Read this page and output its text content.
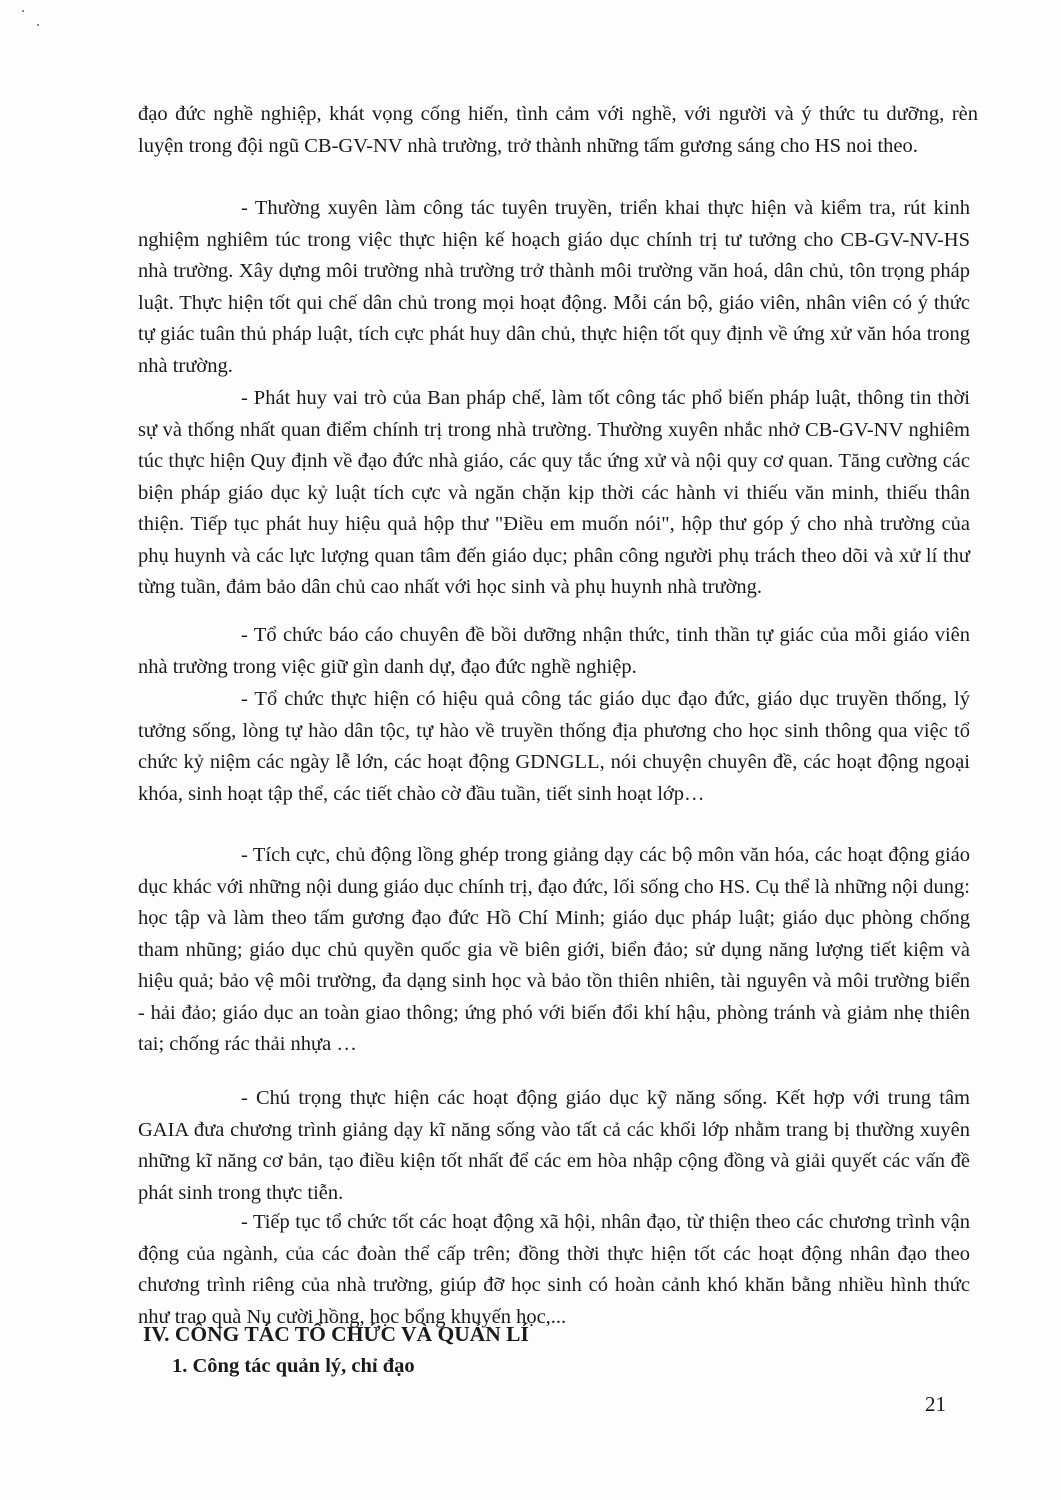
đạo đức nghề nghiệp, khát vọng cống hiến, tình cảm với nghề, với người và ý thức tu dưỡng, rèn luyện trong đội ngũ CB-GV-NV nhà trường, trở thành những tấm gương sáng cho HS noi theo.

- Thường xuyên làm công tác tuyên truyền, triển khai thực hiện và kiểm tra, rút kinh nghiệm nghiêm túc trong việc thực hiện kế hoạch giáo dục chính trị tư tưởng cho CB-GV-NV-HS nhà trường. Xây dựng môi trường nhà trường trở thành môi trường văn hoá, dân chủ, tôn trọng pháp luật. Thực hiện tốt qui chế dân chủ trong mọi hoạt động. Mỗi cán bộ, giáo viên, nhân viên có ý thức tự giác tuân thủ pháp luật, tích cực phát huy dân chủ, thực hiện tốt quy định về ứng xử văn hóa trong nhà trường.

- Phát huy vai trò của Ban pháp chế, làm tốt công tác phổ biến pháp luật, thông tin thời sự và thống nhất quan điểm chính trị trong nhà trường. Thường xuyên nhắc nhở CB-GV-NV nghiêm túc thực hiện Quy định về đạo đức nhà giáo, các quy tắc ứng xử và nội quy cơ quan. Tăng cường các biện pháp giáo dục kỷ luật tích cực và ngăn chặn kịp thời các hành vi thiếu văn minh, thiếu thân thiện. Tiếp tục phát huy hiệu quả hộp thư "Điều em muốn nói", hộp thư góp ý cho nhà trường của phụ huynh và các lực lượng quan tâm đến giáo dục; phân công người phụ trách theo dõi và xử lí thư từng tuần, đảm bảo dân chủ cao nhất với học sinh và phụ huynh nhà trường.

- Tổ chức báo cáo chuyên đề bồi dưỡng nhận thức, tinh thần tự giác của mỗi giáo viên nhà trường trong việc giữ gìn danh dự, đạo đức nghề nghiệp.

- Tổ chức thực hiện có hiệu quả công tác giáo dục đạo đức, giáo dục truyền thống, lý tưởng sống, lòng tự hào dân tộc, tự hào về truyền thống địa phương cho học sinh thông qua việc tổ chức kỷ niệm các ngày lễ lớn, các hoạt động GDNGLL, nói chuyện chuyên đề, các hoạt động ngoại khóa, sinh hoạt tập thể, các tiết chào cờ đầu tuần, tiết sinh hoạt lớp…

- Tích cực, chủ động lồng ghép trong giảng dạy các bộ môn văn hóa, các hoạt động giáo dục khác với những nội dung giáo dục chính trị, đạo đức, lối sống cho HS. Cụ thể là những nội dung: học tập và làm theo tấm gương đạo đức Hồ Chí Minh; giáo dục pháp luật; giáo dục phòng chống tham nhũng; giáo dục chủ quyền quốc gia về biên giới, biển đảo; sử dụng năng lượng tiết kiệm và hiệu quả; bảo vệ môi trường, đa dạng sinh học và bảo tồn thiên nhiên, tài nguyên và môi trường biển - hải đảo; giáo dục an toàn giao thông; ứng phó với biến đổi khí hậu, phòng tránh và giảm nhẹ thiên tai; chống rác thải nhựa …

- Chú trọng thực hiện các hoạt động giáo dục kỹ năng sống. Kết hợp với trung tâm GAIA đưa chương trình giảng dạy kĩ năng sống vào tất cả các khối lớp nhằm trang bị thường xuyên những kĩ năng cơ bản, tạo điều kiện tốt nhất để các em hòa nhập cộng đồng và giải quyết các vấn đề phát sinh trong thực tiễn.

- Tiếp tục tổ chức tốt các hoạt động xã hội, nhân đạo, từ thiện theo các chương trình vận động của ngành, của các đoàn thể cấp trên; đồng thời thực hiện tốt các hoạt động nhân đạo theo chương trình riêng của nhà trường, giúp đỡ học sinh có hoàn cảnh khó khăn bằng nhiều hình thức như trao quà Nụ cười hồng, học bổng khuyến học,...

IV. CÔNG TÁC TỔ CHỨC VÀ QUẢN LÍ
1. Công tác quản lý, chỉ đạo

21
